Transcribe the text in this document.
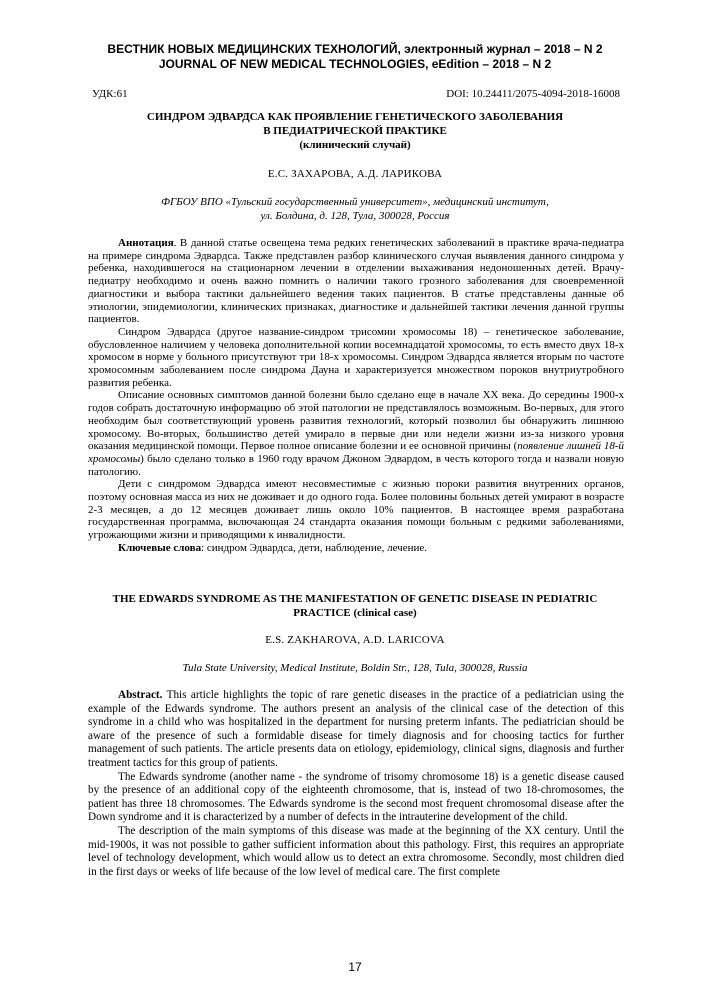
ВЕСТНИК НОВЫХ МЕДИЦИНСКИХ ТЕХНОЛОГИЙ, электронный журнал – 2018 – N 2
JOURNAL OF NEW MEDICAL TECHNOLOGIES, eEdition – 2018 – N 2
УДК:61	DOI: 10.24411/2075-4094-2018-16008
СИНДРОМ ЭДВАРДСА КАК ПРОЯВЛЕНИЕ ГЕНЕТИЧЕСКОГО ЗАБОЛЕВАНИЯ
В ПЕДИАТРИЧЕСКОЙ ПРАКТИКЕ
(клинический случай)
Е.С. ЗАХАРОВА, А.Д. ЛАРИКОВА
ФГБОУ ВПО «Тульский государственный университет», медицинский институт,
ул. Болдина, д. 128, Тула, 300028, Россия

Аннотация. В данной статье освещена тема редких генетических заболеваний в практике врача-педиатра на примере синдрома Эдвардса. Также представлен разбор клинического случая выявления данного синдрома у ребенка, находившегося на стационарном лечении в отделении выхаживания недоношенных детей. Врачу-педиатру необходимо и очень важно помнить о наличии такого грозного заболевания для своевременной диагностики и выбора тактики дальнейшего ведения таких пациентов. В статье представлены данные об этиологии, эпидемиологии, клинических признаках, диагностике и дальнейшей тактики лечения данной группы пациентов.

Синдром Эдвардса (другое название-синдром трисомии хромосомы 18) – генетическое заболевание, обусловленное наличием у человека дополнительной копии восемнадцатой хромосомы, то есть вместо двух 18-х хромосом в норме у больного присутствуют три 18-х хромосомы. Синдром Эдвардса является вторым по частоте хромосомным заболеванием после синдрома Дауна и характеризуется множеством пороков внутриутробного развития ребенка.

Описание основных симптомов данной болезни было сделано еще в начале XX века. До середины 1900-х годов собрать достаточную информацию об этой патологии не представлялось возможным. Во-первых, для этого необходим был соответствующий уровень развития технологий, который позволил бы обнаружить лишнюю хромосому. Во-вторых, большинство детей умирало в первые дни или недели жизни из-за низкого уровня оказания медицинской помощи. Первое полное описание болезни и ее основной причины (появление лишней 18-й хромосомы) было сделано только в 1960 году врачом Джоном Эдвардом, в честь которого тогда и назвали новую патологию.

Дети с синдромом Эдвардса имеют несовместимые с жизнью пороки развития внутренних органов, поэтому основная масса из них не доживает и до одного года. Более половины больных детей умирают в возрасте 2-3 месяцев, а до 12 месяцев доживает лишь около 10% пациентов. В настоящее время разработана государственная программа, включающая 24 стандарта оказания помощи больным с редкими заболеваниями, угрожающими жизни и приводящими к инвалидности.

Ключевые слова: синдром Эдвардса, дети, наблюдение, лечение.

THE EDWARDS SYNDROME AS THE MANIFESTATION OF GENETIC DISEASE IN PEDIATRIC
PRACTICE (clinical case)
E.S. ZAKHAROVA, A.D. LARICOVA
Tula State University, Medical Institute, Boldin Str., 128, Tula, 300028, Russia

Abstract. This article highlights the topic of rare genetic diseases in the practice of a pediatrician using the example of the Edwards syndrome. The authors present an analysis of the clinical case of the detection of this syndrome in a child who was hospitalized in the department for nursing preterm infants. The pediatrician should be aware of the presence of such a formidable disease for timely diagnosis and for choosing tactics for further management of such patients. The article presents data on etiology, epidemiology, clinical signs, diagnosis and further treatment tactics for this group of patients.

The Edwards syndrome (another name - the syndrome of trisomy chromosome 18) is a genetic disease caused by the presence of an additional copy of the eighteenth chromosome, that is, instead of two 18-chromosomes, the patient has three 18 chromosomes. The Edwards syndrome is the second most frequent chromosomal disease after the Down syndrome and it is characterized by a number of defects in the intrauterine development of the child.

The description of the main symptoms of this disease was made at the beginning of the XX century. Until the mid-1900s, it was not possible to gather sufficient information about this pathology. First, this requires an appropriate level of technology development, which would allow us to detect an extra chromosome. Secondly, most children died in the first days or weeks of life because of the low level of medical care. The first complete

17
